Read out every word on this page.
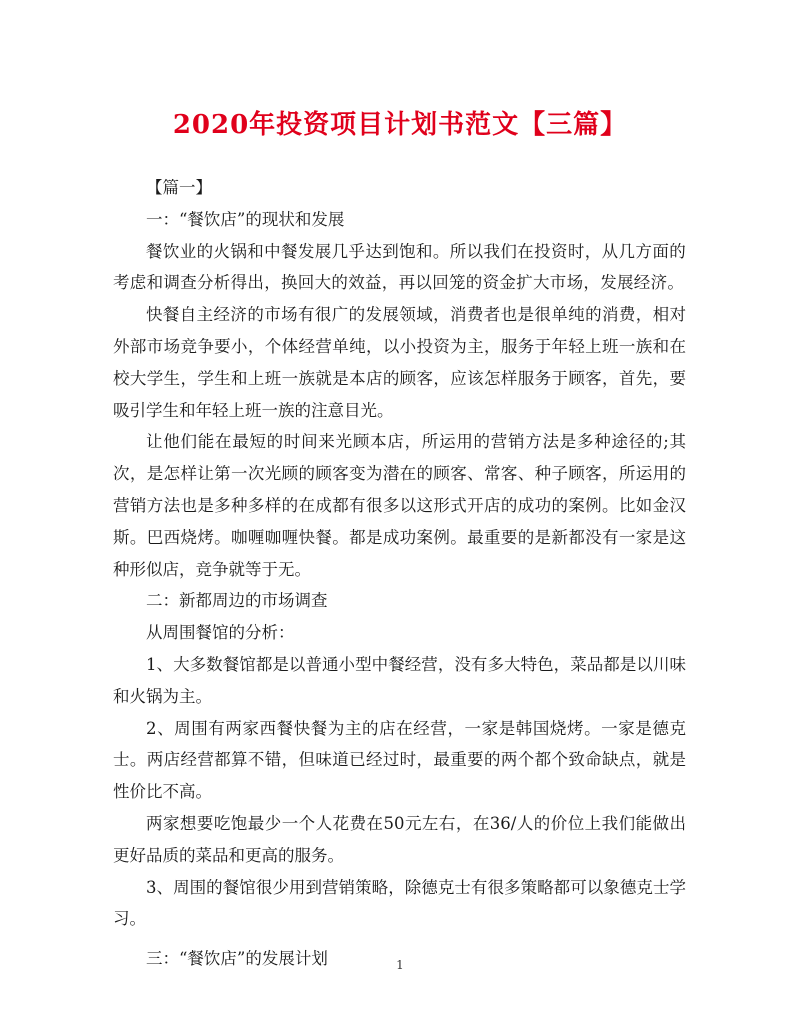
2020年投资项目计划书范文【三篇】

【篇一】

一：“餐饮店”的现状和发展

餐饮业的火锅和中餐发展几乎达到饱和。所以我们在投资时，从几方面的考虑和调查分析得出，换回大的效益，再以回笼的资金扩大市场，发展经济。

快餐自主经济的市场有很广的发展领域，消费者也是很单纯的消费，相对外部市场竞争要小，个体经营单纯，以小投资为主，服务于年轻上班一族和在校大学生，学生和上班一族就是本店的顾客，应该怎样服务于顾客，首先，要吸引学生和年轻上班一族的注意目光。

让他们能在最短的时间来光顾本店，所运用的营销方法是多种途径的;其次，是怎样让第一次光顾的顾客变为潜在的顾客、常客、种子顾客，所运用的营销方法也是多种多样的在成都有很多以这形式开店的成功的案例。比如金汉斯。巴西烧烤。咖喱咖喱快餐。都是成功案例。最重要的是新都没有一家是这种形似店，竞争就等于无。

二：新都周边的市场调查

从周围餐馆的分析：

1、大多数餐馆都是以普通小型中餐经营，没有多大特色，菜品都是以川味和火锅为主。

2、周围有两家西餐快餐为主的店在经营，一家是韩国烧烤。一家是德克士。两店经营都算不错，但味道已经过时，最重要的两个都个致命缺点，就是性价比不高。

两家想要吃饱最少一个人花费在50元左右，在36/人的价位上我们能做出更好品质的菜品和更高的服务。

3、周围的餐馆很少用到营销策略，除德克士有很多策略都可以象德克士学习。

三：“餐饮店”的发展计划	1
